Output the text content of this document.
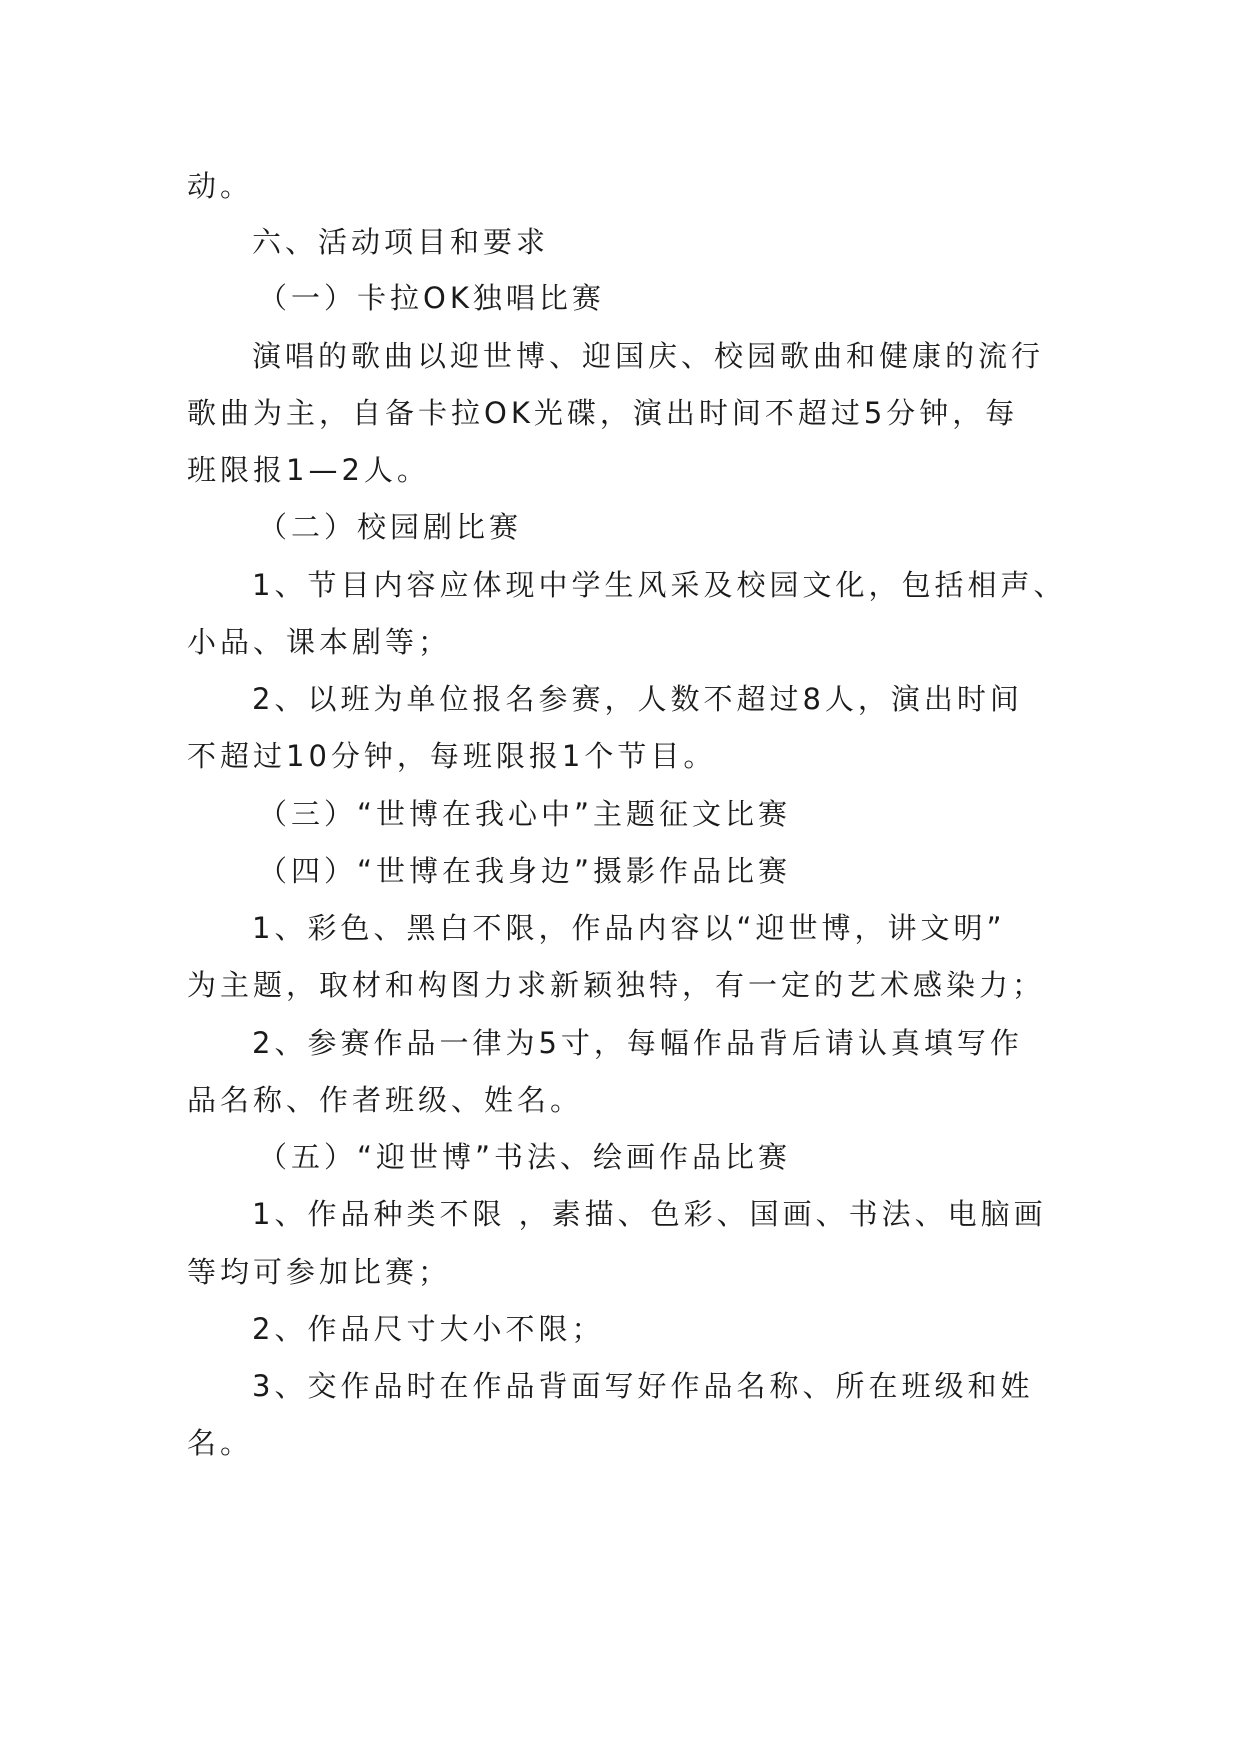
动。
六、活动项目和要求
（一）卡拉OK独唱比赛
演唱的歌曲以迎世博、迎国庆、校园歌曲和健康的流行
歌曲为主，自备卡拉OK光碟，演出时间不超过5分钟，每
班限报1—2人。
（二）校园剧比赛
1、节目内容应体现中学生风采及校园文化，包括相声、
小品、课本剧等；
2、以班为单位报名参赛，人数不超过8人，演出时间
不超过10分钟，每班限报1个节目。
（三）“世博在我心中”主题征文比赛
（四）“世博在我身边”摄影作品比赛
1、彩色、黑白不限，作品内容以“迎世博，讲文明”
为主题，取材和构图力求新颖独特，有一定的艺术感染力；
2、参赛作品一律为5寸，每幅作品背后请认真填写作
品名称、作者班级、姓名。
（五）“迎世博”书法、绘画作品比赛
1、作品种类不限 ，素描、色彩、国画、书法、电脑画
等均可参加比赛；
2、作品尺寸大小不限；
3、交作品时在作品背面写好作品名称、所在班级和姓
名。
